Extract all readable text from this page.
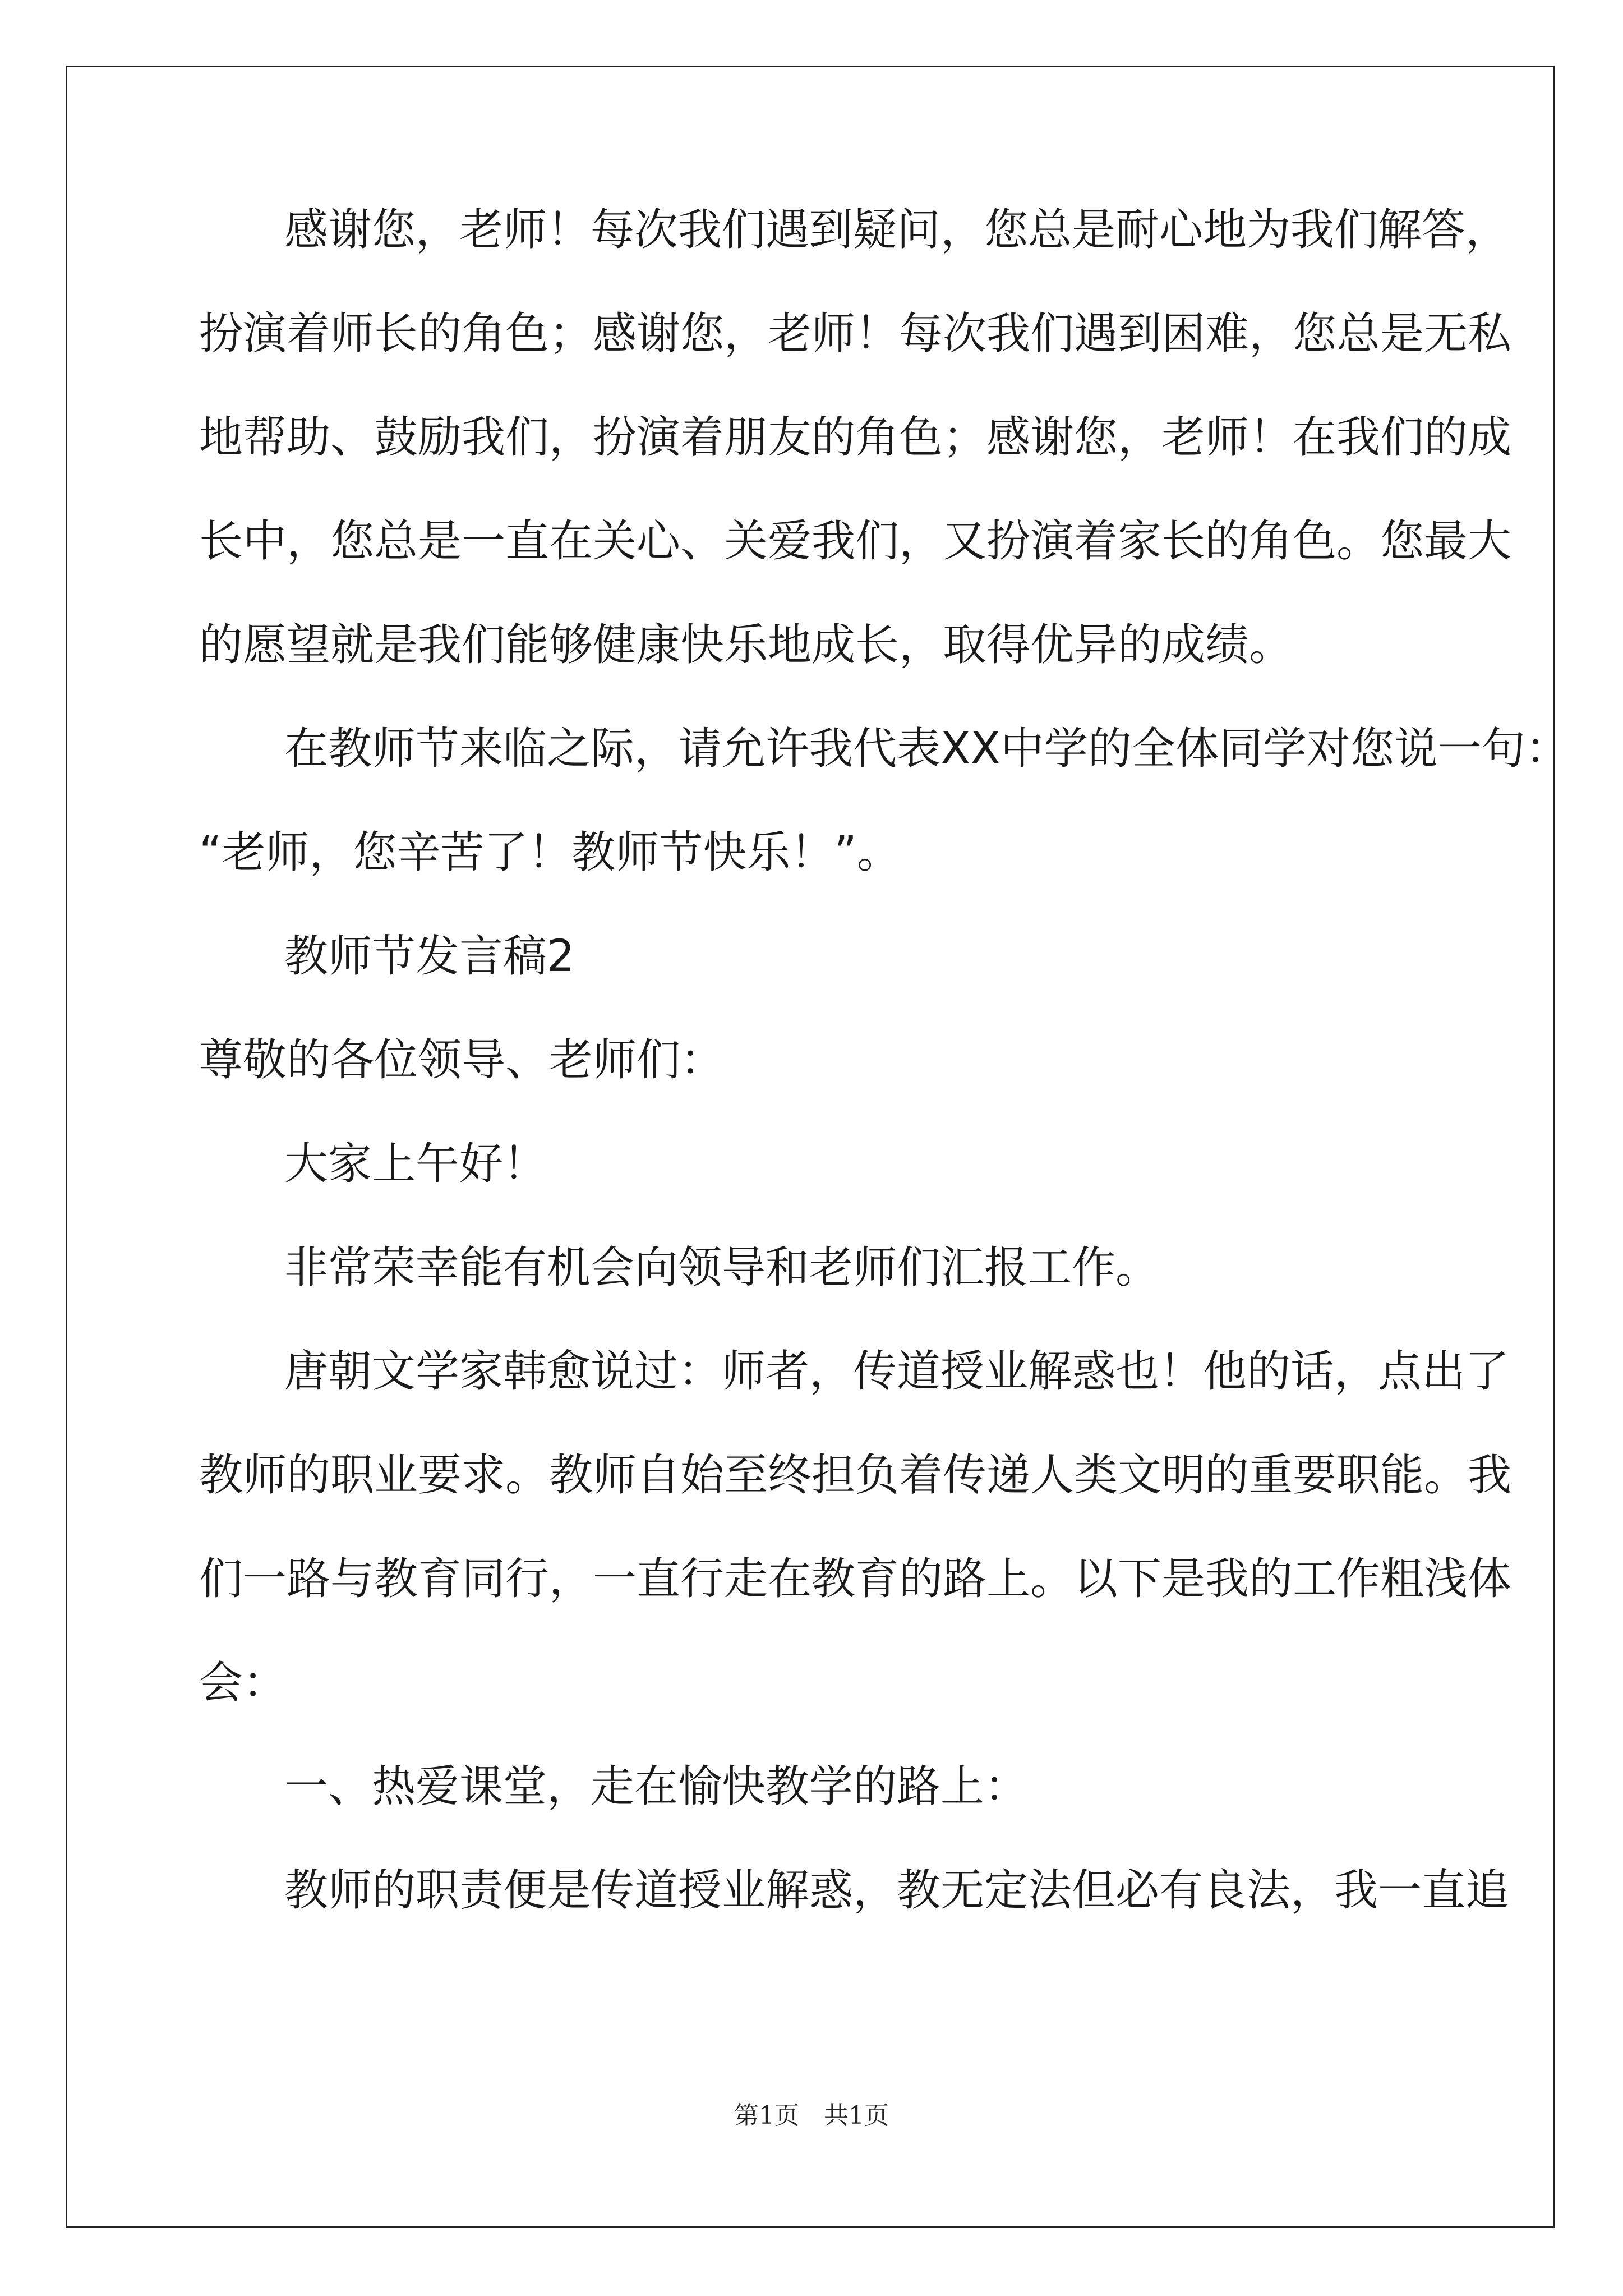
感谢您，老师！每次我们遇到疑问，您总是耐心地为我们解答，
扮演着师长的角色；感谢您，老师！每次我们遇到困难，您总是无私
地帮助、鼓励我们，扮演着朋友的角色；感谢您，老师！在我们的成
长中，您总是一直在关心、关爱我们，又扮演着家长的角色。您最大
的愿望就是我们能够健康快乐地成长，取得优异的成绩。
在教师节来临之际，请允许我代表XX中学的全体同学对您说一句：
“老师，您辛苦了！教师节快乐！”。
教师节发言稿2
尊敬的各位领导、老师们：
大家上午好！
非常荣幸能有机会向领导和老师们汇报工作。
唐朝文学家韩愈说过：师者，传道授业解惑也！他的话，点出了
教师的职业要求。教师自始至终担负着传递人类文明的重要职能。我
们一路与教育同行，一直行走在教育的路上。以下是我的工作粗浅体
会：
一、热爱课堂，走在愉快教学的路上：
教师的职责便是传道授业解惑，教无定法但必有良法，我一直追
第1页　共1页
